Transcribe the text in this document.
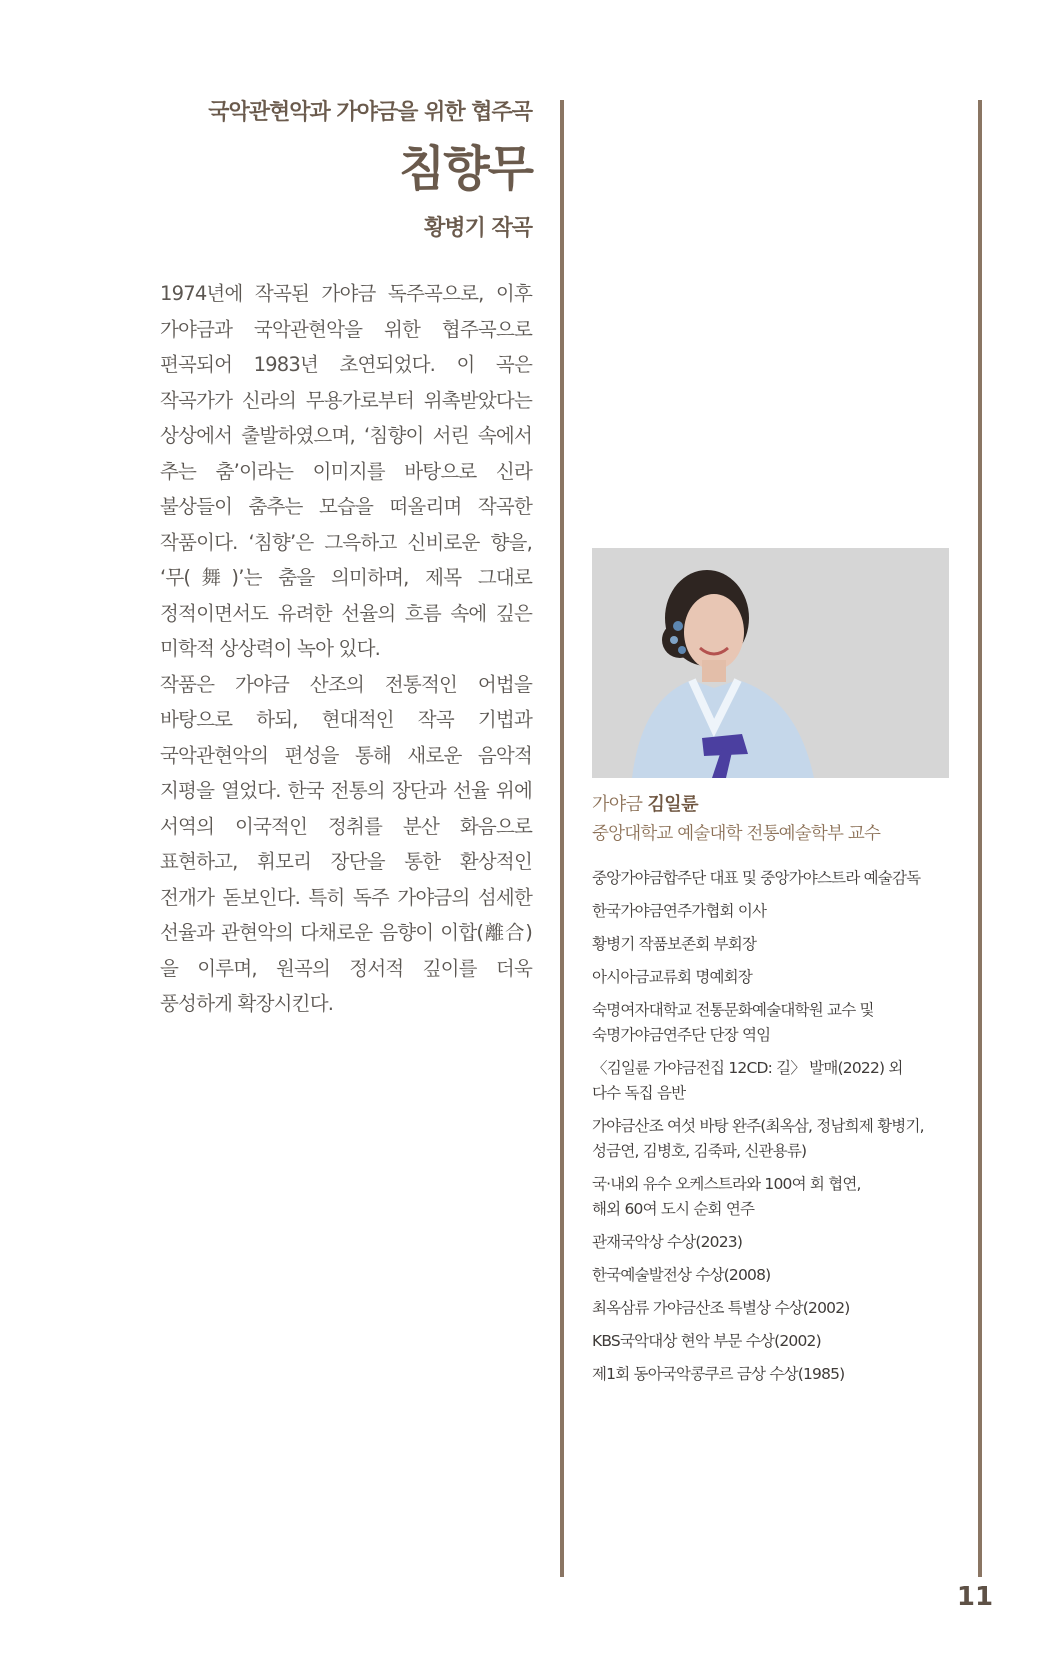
국악관현악과 가야금을 위한 협주곡
침향무
황병기 작곡

1974년에 작곡된 가야금 독주곡으로, 이후 가야금과 국악관현악을 위한 협주곡으로 편곡되어 1983년 초연되었다. 이 곡은 작곡가가 신라의 무용가로부터 위촉받았다는 상상에서 출발하였으며, ‘침향이 서린 속에서 추는 춤’이라는 이미지를 바탕으로 신라 불상들이 춤추는 모습을 떠올리며 작곡한 작품이다. ‘침향’은 그윽하고 신비로운 향을, ‘무(舞)’는 춤을 의미하며, 제목 그대로 정적이면서도 유려한 선율의 흐름 속에 깊은 미학적 상상력이 녹아 있다.

작품은 가야금 산조의 전통적인 어법을 바탕으로 하되, 현대적인 작곡 기법과 국악관현악의 편성을 통해 새로운 음악적 지평을 열었다. 한국 전통의 장단과 선율 위에 서역의 이국적인 정취를 분산 화음으로 표현하고, 휘모리 장단을 통한 환상적인 전개가 돋보인다. 특히 독주 가야금의 섬세한 선율과 관현악의 다채로운 음향이 이합(離合)을 이루며, 원곡의 정서적 깊이를 더욱 풍성하게 확장시킨다.

가야금 김일륜
중앙대학교 예술대학 전통예술학부 교수
중앙가야금합주단 대표 및 중앙가야스트라 예술감독
한국가야금연주가협회 이사
황병기 작품보존회 부회장
아시아금교류회 명예회장
숙명여자대학교 전통문화예술대학원 교수 및
숙명가야금연주단 단장 역임
〈김일륜 가야금전집 12CD: 길〉 발매(2022) 외
다수 독집 음반
가야금산조 여섯 바탕 완주(최옥삼, 정남희제 황병기,
성금연, 김병호, 김죽파, 신관용류)
국·내외 유수 오케스트라와 100여 회 협연,
해외 60여 도시 순회 연주
관재국악상 수상(2023)
한국예술발전상 수상(2008)
최옥삼류 가야금산조 특별상 수상(2002)
KBS국악대상 현악 부문 수상(2002)
제1회 동아국악콩쿠르 금상 수상(1985)
11
